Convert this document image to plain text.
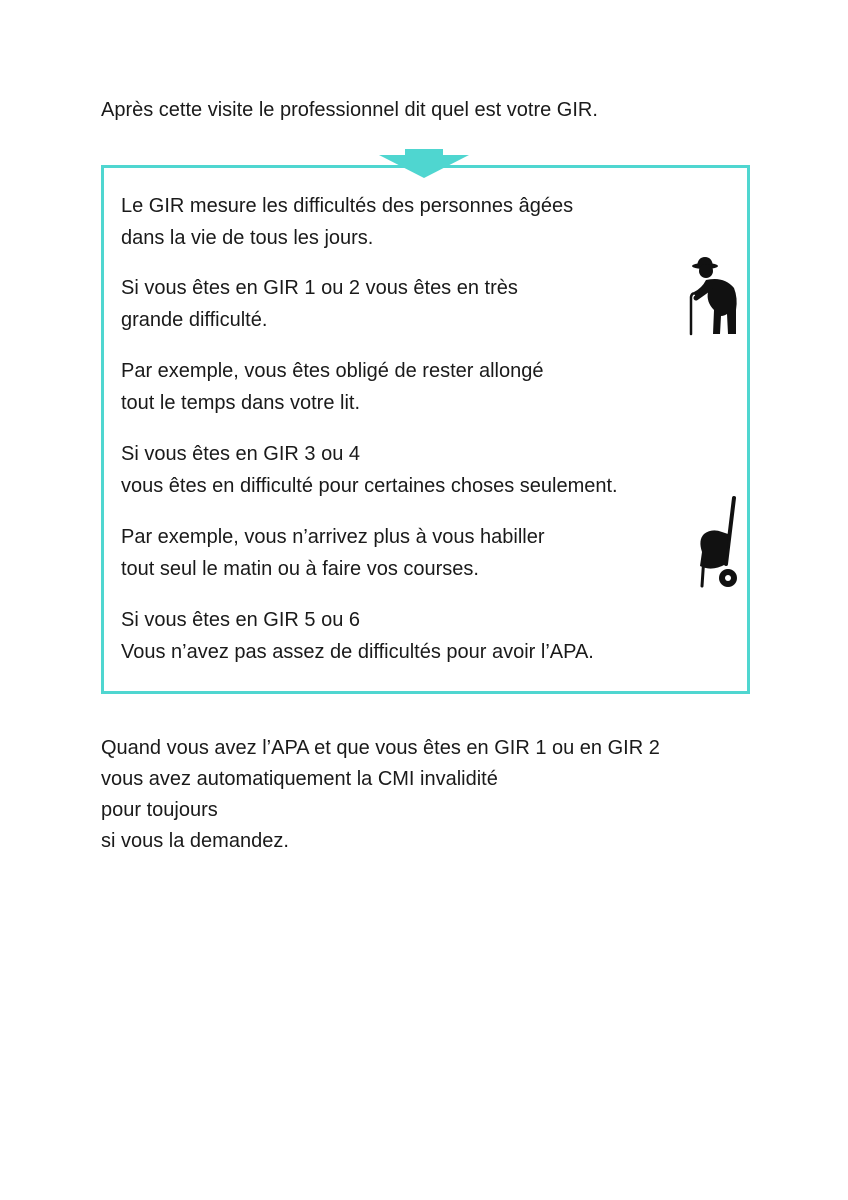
Après cette visite le professionnel dit quel est votre GIR.

Le GIR mesure les difficultés des personnes âgées
dans la vie de tous les jours.

Si vous êtes en GIR 1 ou 2 vous êtes en très
grande difficulté.

Par exemple, vous êtes obligé de rester allongé
tout le temps dans votre lit.

Si vous êtes en GIR 3 ou 4
vous êtes en difficulté pour certaines choses seulement.

Par exemple, vous n’arrivez plus à vous habiller
tout seul le matin ou à faire vos courses.

Si vous êtes en GIR 5 ou 6
Vous n’avez pas assez de difficultés pour avoir l’APA.

Quand vous avez l’APA et que vous êtes en GIR 1 ou en GIR 2
vous avez automatiquement la CMI invalidité
pour toujours
si vous la demandez.
